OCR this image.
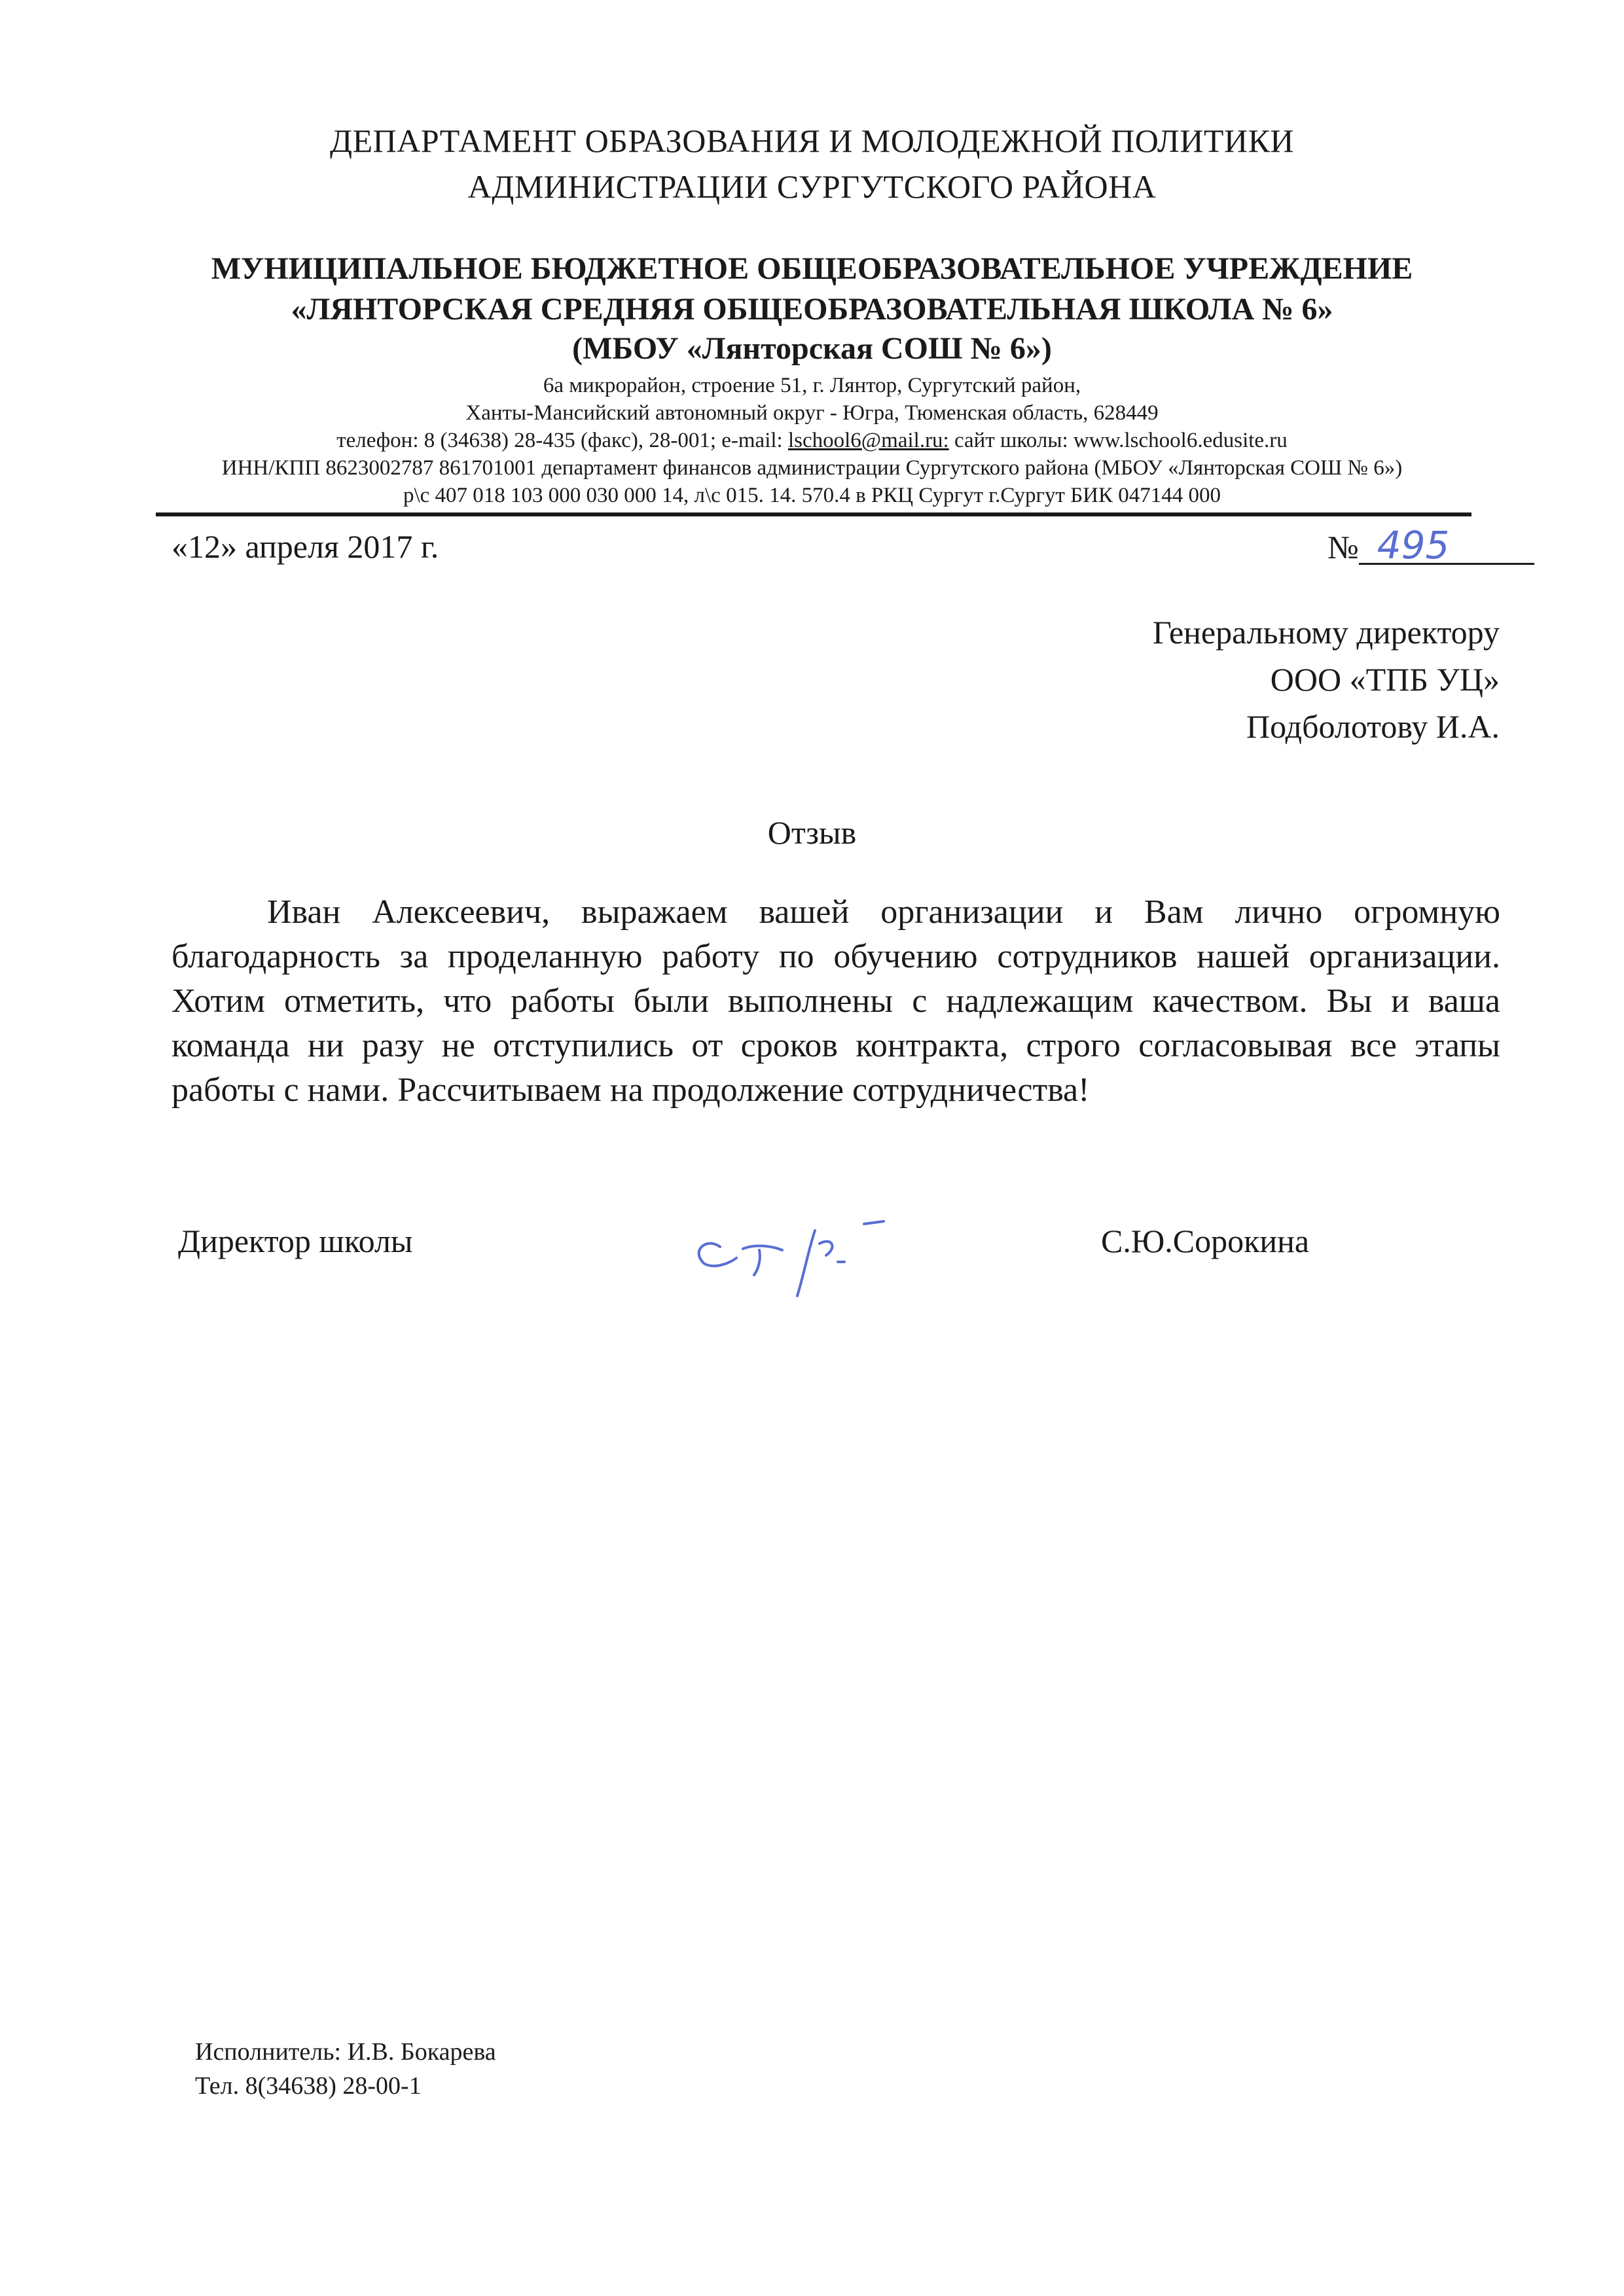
ДЕПАРТАМЕНТ ОБРАЗОВАНИЯ И МОЛОДЕЖНОЙ ПОЛИТИКИ
АДМИНИСТРАЦИИ СУРГУТСКОГО РАЙОНА
МУНИЦИПАЛЬНОЕ БЮДЖЕТНОЕ ОБЩЕОБРАЗОВАТЕЛЬНОЕ УЧРЕЖДЕНИЕ
«ЛЯНТОРСКАЯ СРЕДНЯЯ ОБЩЕОБРАЗОВАТЕЛЬНАЯ ШКОЛА № 6»
(МБОУ «Лянторская СОШ № 6»)
6а микрорайон, строение 51, г. Лянтор, Сургутский район,
Ханты-Мансийский автономный округ - Югра, Тюменская область, 628449
телефон: 8 (34638) 28-435 (факс), 28-001; e-mail: lschool6@mail.ru: сайт школы: www.lschool6.edusite.ru
ИНН/КПП 8623002787 861701001 департамент финансов администрации Сургутского района (МБОУ «Лянторская СОШ № 6»)
р\с 407 018 103 000 030 000 14, л\с 015. 14. 570.4 в РКЦ Сургут г.Сургут БИК 047144 000
«12» апреля 2017 г.	№ 495
Генеральному директору
ООО «ТПБ УЦ»
Подболотову И.А.
Отзыв
Иван Алексеевич, выражаем вашей организации и Вам лично огромную благодарность за проделанную работу по обучению сотрудников нашей организации. Хотим отметить, что работы были выполнены с надлежащим качеством. Вы и ваша команда ни разу не отступились от сроков контракта, строго согласовывая все этапы работы с нами. Рассчитываем на продолжение сотрудничества!
Директор школы	С.Ю.Сорокина
Исполнитель: И.В. Бокарева
Тел. 8(34638) 28-00-1
